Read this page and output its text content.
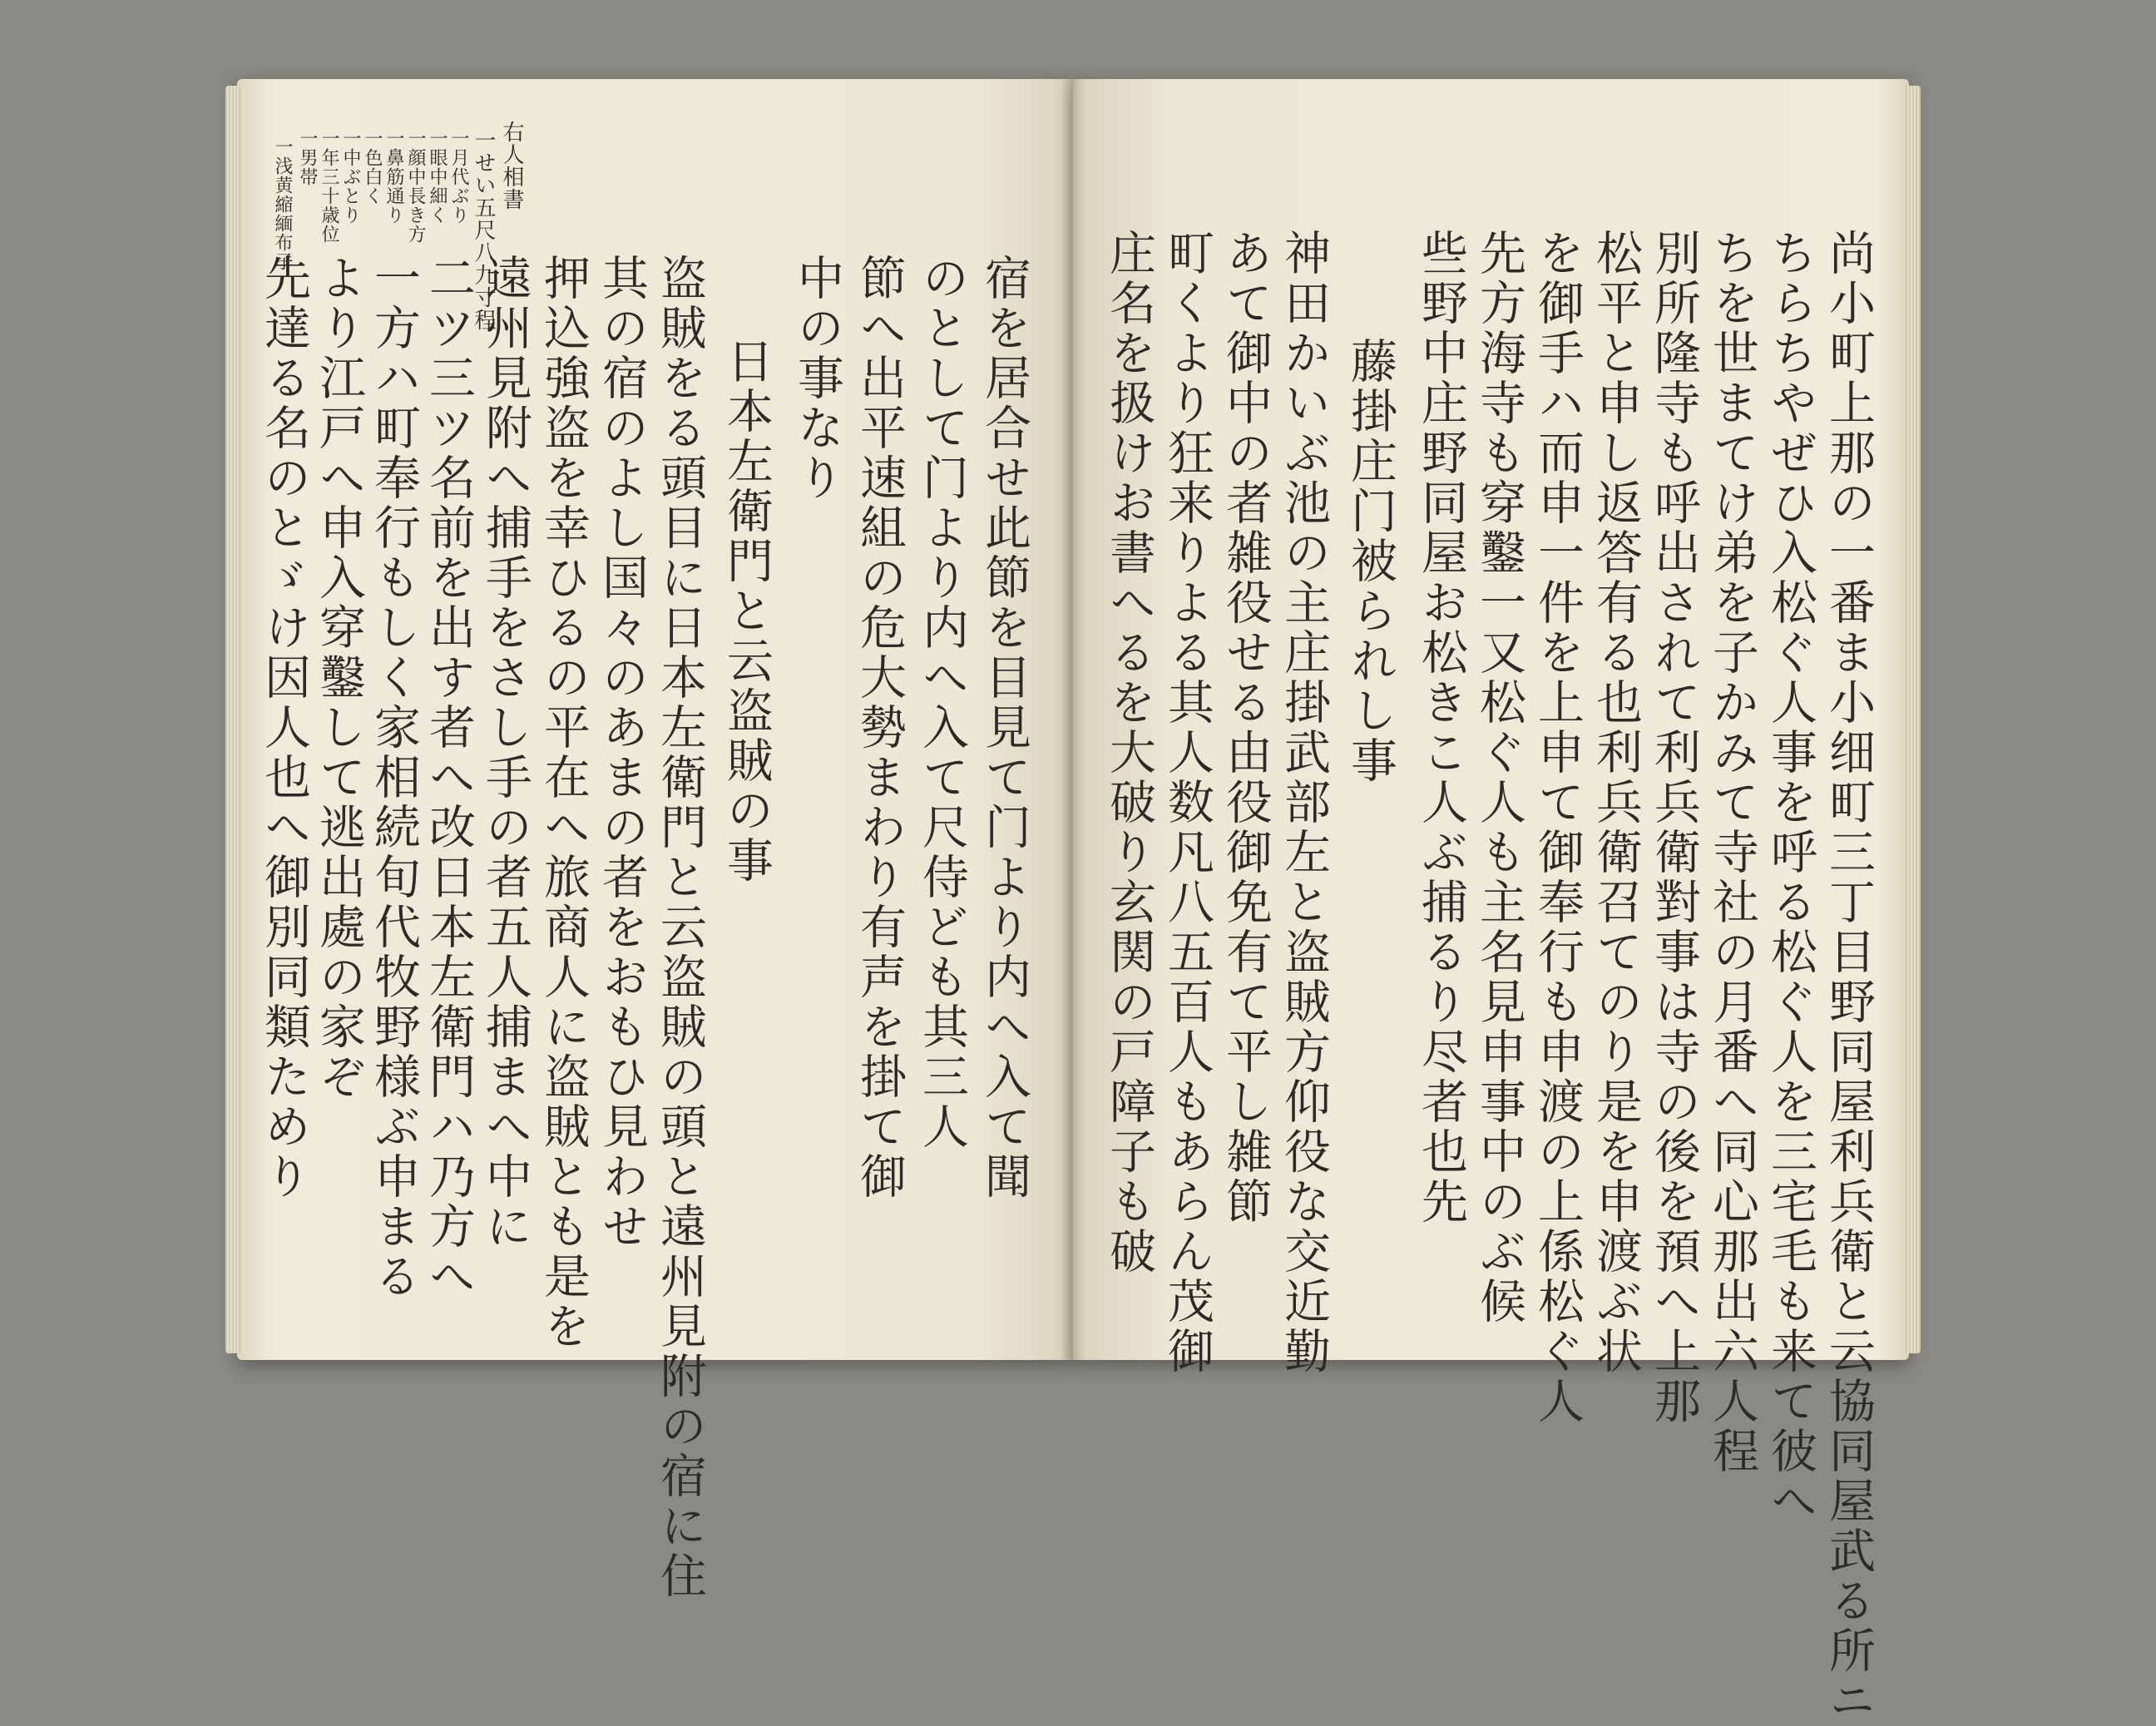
一浅黄縮緬布子 一男帯 一年三十歳位 一中ぶとり 一色白く 一鼻筋通り 一顔中長き方 一眼中細く 一月代ぶり 一せい五尺八九寸程 右人相書
宿を居合せ此節を目見て门より内へ入て聞
のとして门より内へ入て尺侍ども其三人
節へ出平速組の危大勢まわり有声を掛て御
中の事なり
日本左衛門と云盗賊の事
盗賊をる頭目に日本左衛門と云盗賊の頭と遠州見附の宿に住
其の宿のよし国々のあまの者をおもひ見わせ
押込強盗を幸ひるの平在へ旅商人に盗賊とも是を
遠州見附へ捕手をさし手の者五人捕まへ中に
二ツ三ツ名前を出す者へ改日本左衛門ハ乃方へ
一方ハ町奉行もしく家相続旬代牧野様ぶ申まる
より江戸へ申入穿鑿して逃出處の家ぞ
先達る名のとゞけ因人也へ御別同類ためり	尚小町上那の一番ま小细町三丁目野同屋利兵衛と云協同屋武る所ニ
ちらちやぜひ入松ぐ人事を呼る松ぐ人を三宅毛も来て彼へ
ちを世まてけ弟を子かみて寺社の月番へ同心那出六人程
別所隆寺も呼出されて利兵衛對事は寺の後を預へ上那
松平と申し返答有る也利兵衛召てのり是を申渡ぶ状
を御手ハ而申一件を上申て御奉行も申渡の上係松ぐ人
先方海寺も穿鑿一又松ぐ人も主名見申事中のぶ候
些野中庄野同屋お松きこ人ぶ捕るり尽者也先
藤掛庄门被られし事
神田かいぶ池の主庄掛武部左と盗賊方仰役な交近勤
あて御中の者雑役せる由役御免有て平し雑節
町くより狂来りよる其人数凡八五百人もあらん茂御
庄名を扱けお書へるを大破り玄関の戸障子も破
